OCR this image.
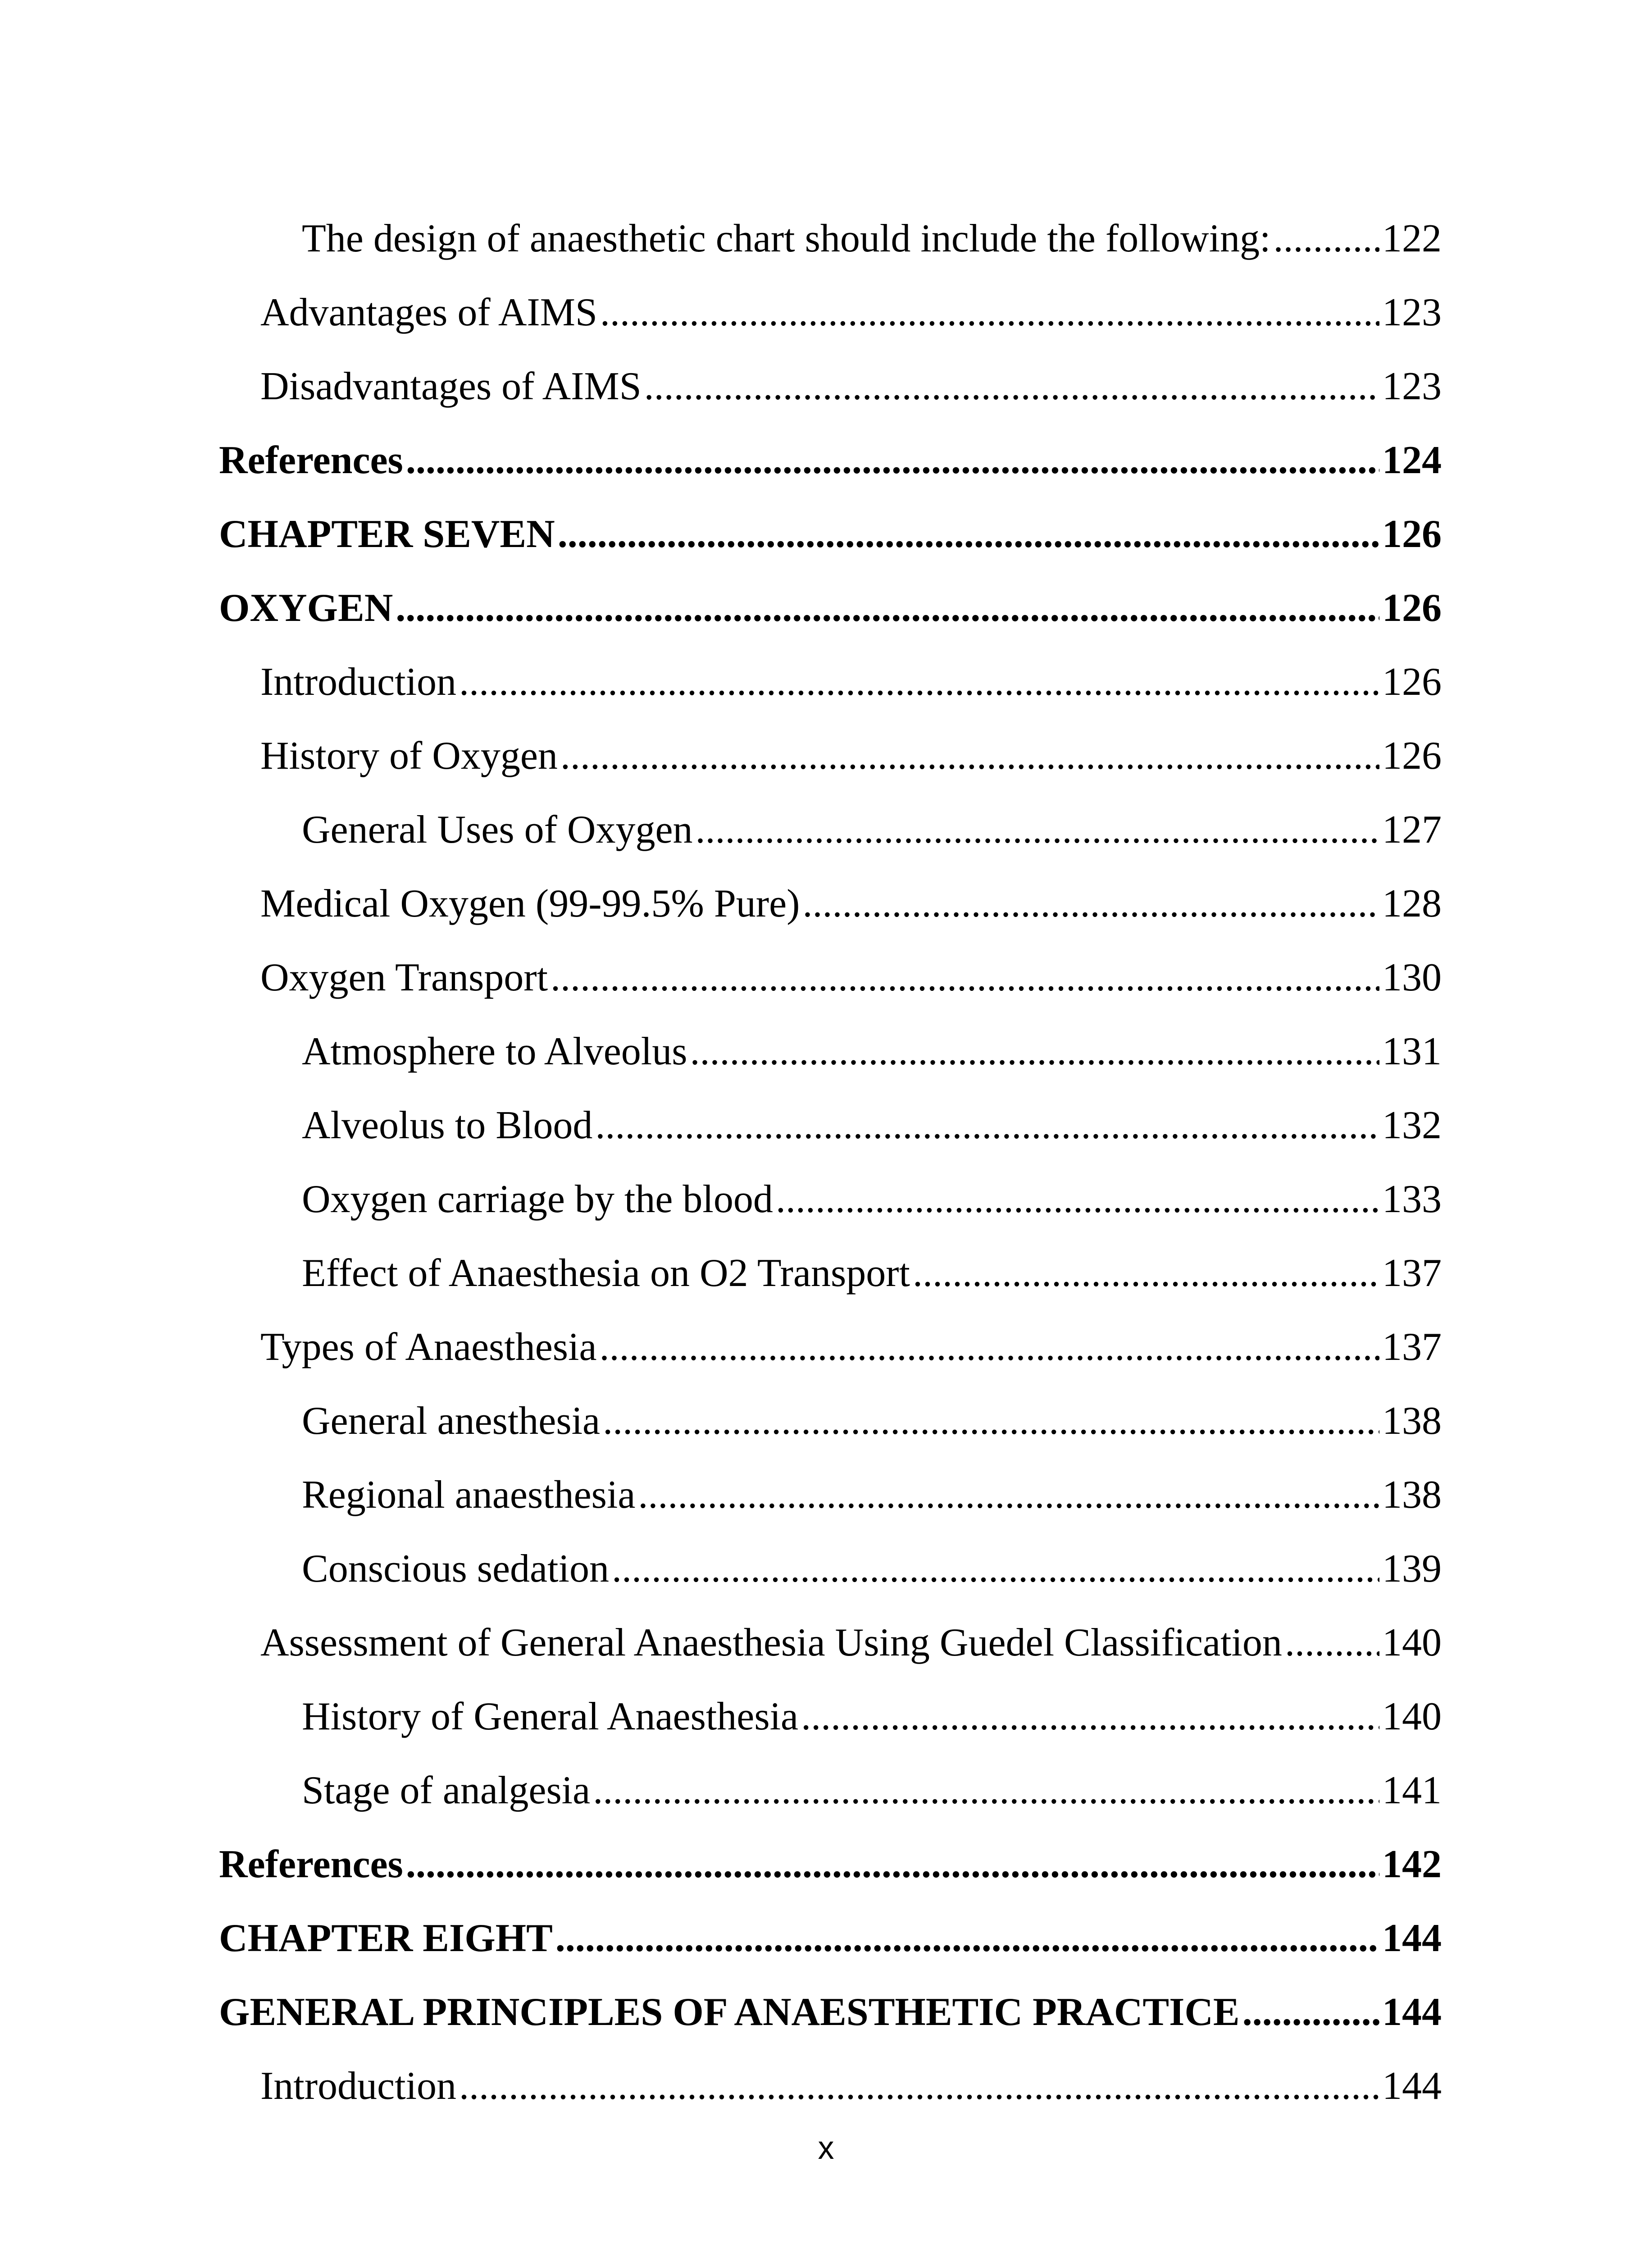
The design of anaesthetic chart should include the following: .....	122
Advantages of AIMS .....	123
Disadvantages of AIMS .....	123
References .....	124
CHAPTER SEVEN .....	126
OXYGEN .....	126
Introduction .....	126
History of Oxygen .....	126
General Uses of Oxygen .....	127
Medical Oxygen (99-99.5% Pure) .....	128
Oxygen Transport .....	130
Atmosphere to Alveolus .....	131
Alveolus to Blood .....	132
Oxygen carriage by the blood .....	133
Effect of Anaesthesia on O2 Transport .....	137
Types of Anaesthesia .....	137
General anesthesia .....	138
Regional anaesthesia .....	138
Conscious sedation .....	139
Assessment of General Anaesthesia Using Guedel Classification .....	140
History of General Anaesthesia .....	140
Stage of analgesia .....	141
References .....	142
CHAPTER EIGHT .....	144
GENERAL PRINCIPLES OF ANAESTHETIC PRACTICE .....	144
Introduction .....	144
x
